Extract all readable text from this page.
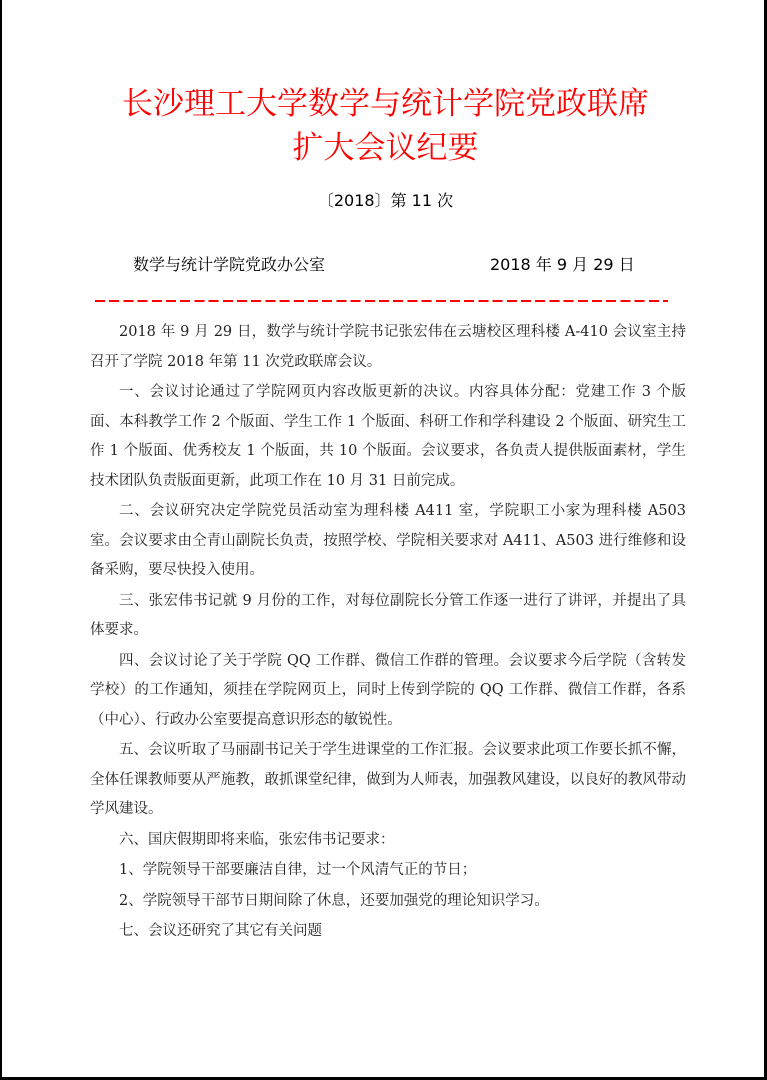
长沙理工大学数学与统计学院党政联席
扩大会议纪要
〔2018〕第 11 次
数学与统计学院党政办公室	2018 年 9 月 29 日

2018 年 9 月 29 日，数学与统计学院书记张宏伟在云塘校区理科楼 A-410 会议室主持召开了学院 2018 年第 11 次党政联席会议。

一、会议讨论通过了学院网页内容改版更新的决议。内容具体分配：党建工作 3 个版面、本科教学工作 2 个版面、学生工作 1 个版面、科研工作和学科建设 2 个版面、研究生工作 1 个版面、优秀校友 1 个版面，共 10 个版面。会议要求，各负责人提供版面素材，学生技术团队负责版面更新，此项工作在 10 月 31 日前完成。

二、会议研究决定学院党员活动室为理科楼 A411 室，学院职工小家为理科楼 A503 室。会议要求由仝青山副院长负责，按照学校、学院相关要求对 A411、A503 进行维修和设备采购，要尽快投入使用。

三、张宏伟书记就 9 月份的工作，对每位副院长分管工作逐一进行了讲评，并提出了具体要求。

四、会议讨论了关于学院 QQ 工作群、微信工作群的管理。会议要求今后学院（含转发学校）的工作通知，须挂在学院网页上，同时上传到学院的 QQ 工作群、微信工作群，各系（中心）、行政办公室要提高意识形态的敏锐性。

五、会议听取了马丽副书记关于学生进课堂的工作汇报。会议要求此项工作要长抓不懈，全体任课教师要从严施教，敢抓课堂纪律，做到为人师表，加强教风建设，以良好的教风带动学风建设。

六、国庆假期即将来临，张宏伟书记要求：

1、学院领导干部要廉洁自律，过一个风清气正的节日；

2、学院领导干部节日期间除了休息，还要加强党的理论知识学习。

七、会议还研究了其它有关问题
